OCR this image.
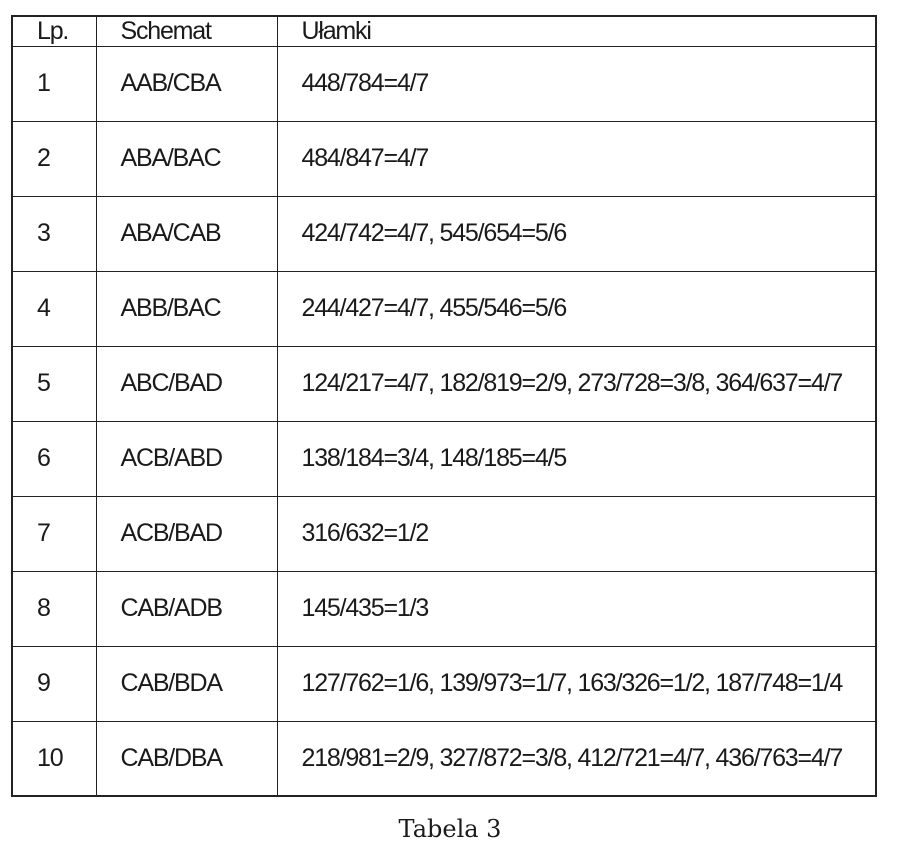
Lp.	Schemat	Ułamki
1	AAB/CBA	448/784=4/7
2	ABA/BAC	484/847=4/7
3	ABA/CAB	424/742=4/7, 545/654=5/6
4	ABB/BAC	244/427=4/7, 455/546=5/6
5	ABC/BAD	124/217=4/7, 182/819=2/9, 273/728=3/8, 364/637=4/7
6	ACB/ABD	138/184=3/4, 148/185=4/5
7	ACB/BAD	316/632=1/2
8	CAB/ADB	145/435=1/3
9	CAB/BDA	127/762=1/6, 139/973=1/7, 163/326=1/2, 187/748=1/4
10	CAB/DBA	218/981=2/9, 327/872=3/8, 412/721=4/7, 436/763=4/7
Tabela 3
